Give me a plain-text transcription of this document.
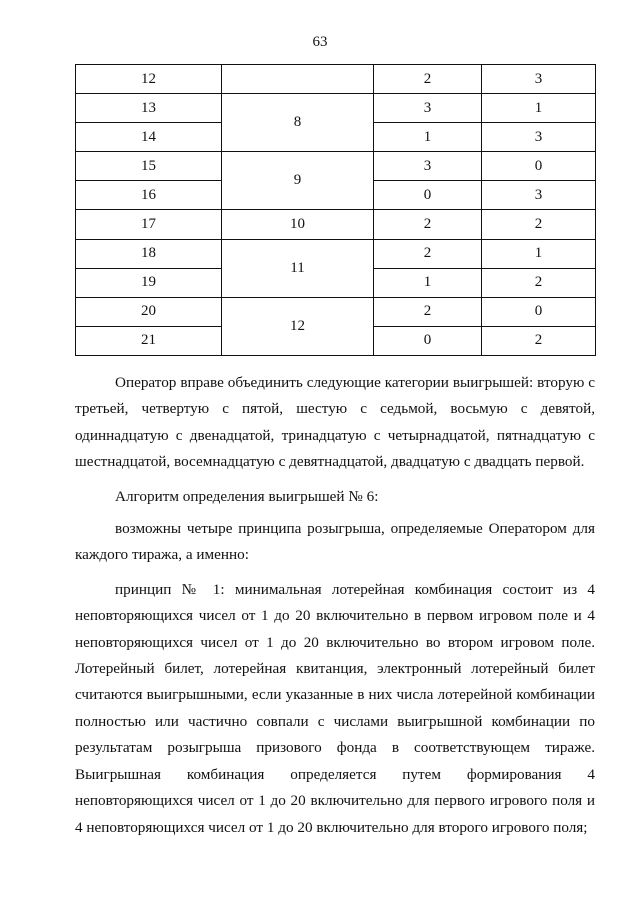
63
12		2	3
13	8	3	1
14		1	3
15	9	3	0
16		0	3
17	10	2	2
18	11	2	1
19		1	2
20	12	2	0
21		0	2

Оператор вправе объединить следующие категории выигрышей: вторую с третьей, четвертую с пятой, шестую с седьмой, восьмую с девятой, одиннадцатую с двенадцатой, тринадцатую с четырнадцатой, пятнадцатую с шестнадцатой, восемнадцатую с девятнадцатой, двадцатую с двадцать первой.

Алгоритм определения выигрышей № 6:

возможны четыре принципа розыгрыша, определяемые Оператором для каждого тиража, а именно:

принцип № 1: минимальная лотерейная комбинация состоит из 4 неповторяющихся чисел от 1 до 20 включительно в первом игровом поле и 4 неповторяющихся чисел от 1 до 20 включительно во втором игровом поле. Лотерейный билет, лотерейная квитанция, электронный лотерейный билет считаются выигрышными, если указанные в них числа лотерейной комбинации полностью или частично совпали с числами выигрышной комбинации по результатам розыгрыша призового фонда в соответствующем тираже. Выигрышная комбинация определяется путем формирования 4 неповторяющихся чисел от 1 до 20 включительно для первого игрового поля и 4 неповторяющихся чисел от 1 до 20 включительно для второго игрового поля;
